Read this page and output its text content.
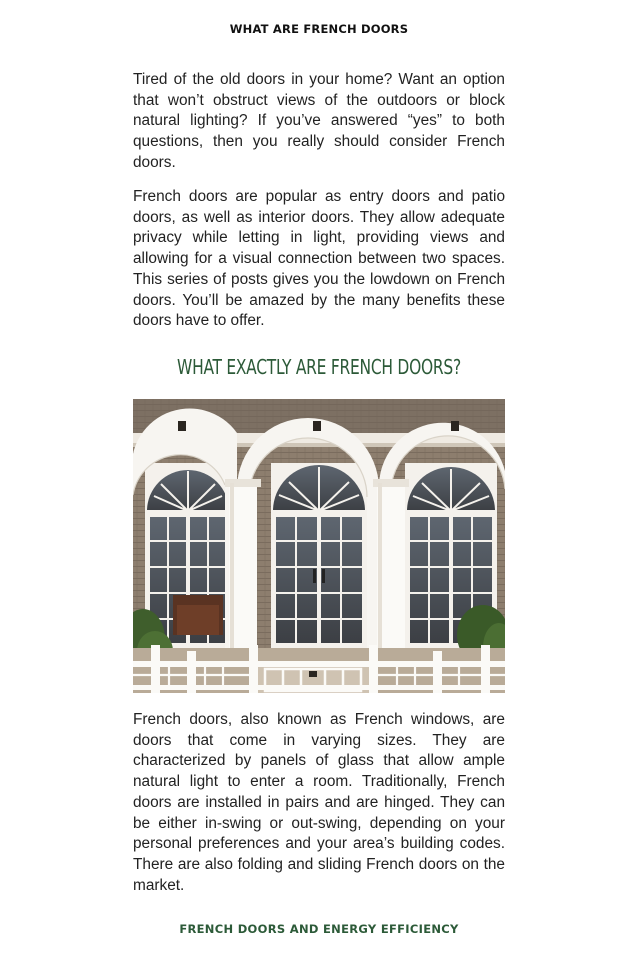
WHAT ARE FRENCH DOORS

Tired of the old doors in your home? Want an option that won’t obstruct views of the outdoors or block natural lighting? If you’ve answered “yes” to both questions, then you really should consider French doors.

French doors are popular as entry doors and patio doors, as well as interior doors. They allow adequate privacy while letting in light, providing views and allowing for a visual connection between two spaces. This series of posts gives you the lowdown on French doors. You’ll be amazed by the many benefits these doors have to offer.

WHAT EXACTLY ARE FRENCH DOORS?

French doors, also known as French windows, are doors that come in varying sizes. They are characterized by panels of glass that allow ample natural light to enter a room. Traditionally, French doors are installed in pairs and are hinged. They can be either in-swing or out-swing, depending on your personal preferences and your area’s building codes. There are also folding and sliding French doors on the market.

FRENCH DOORS AND ENERGY EFFICIENCY
